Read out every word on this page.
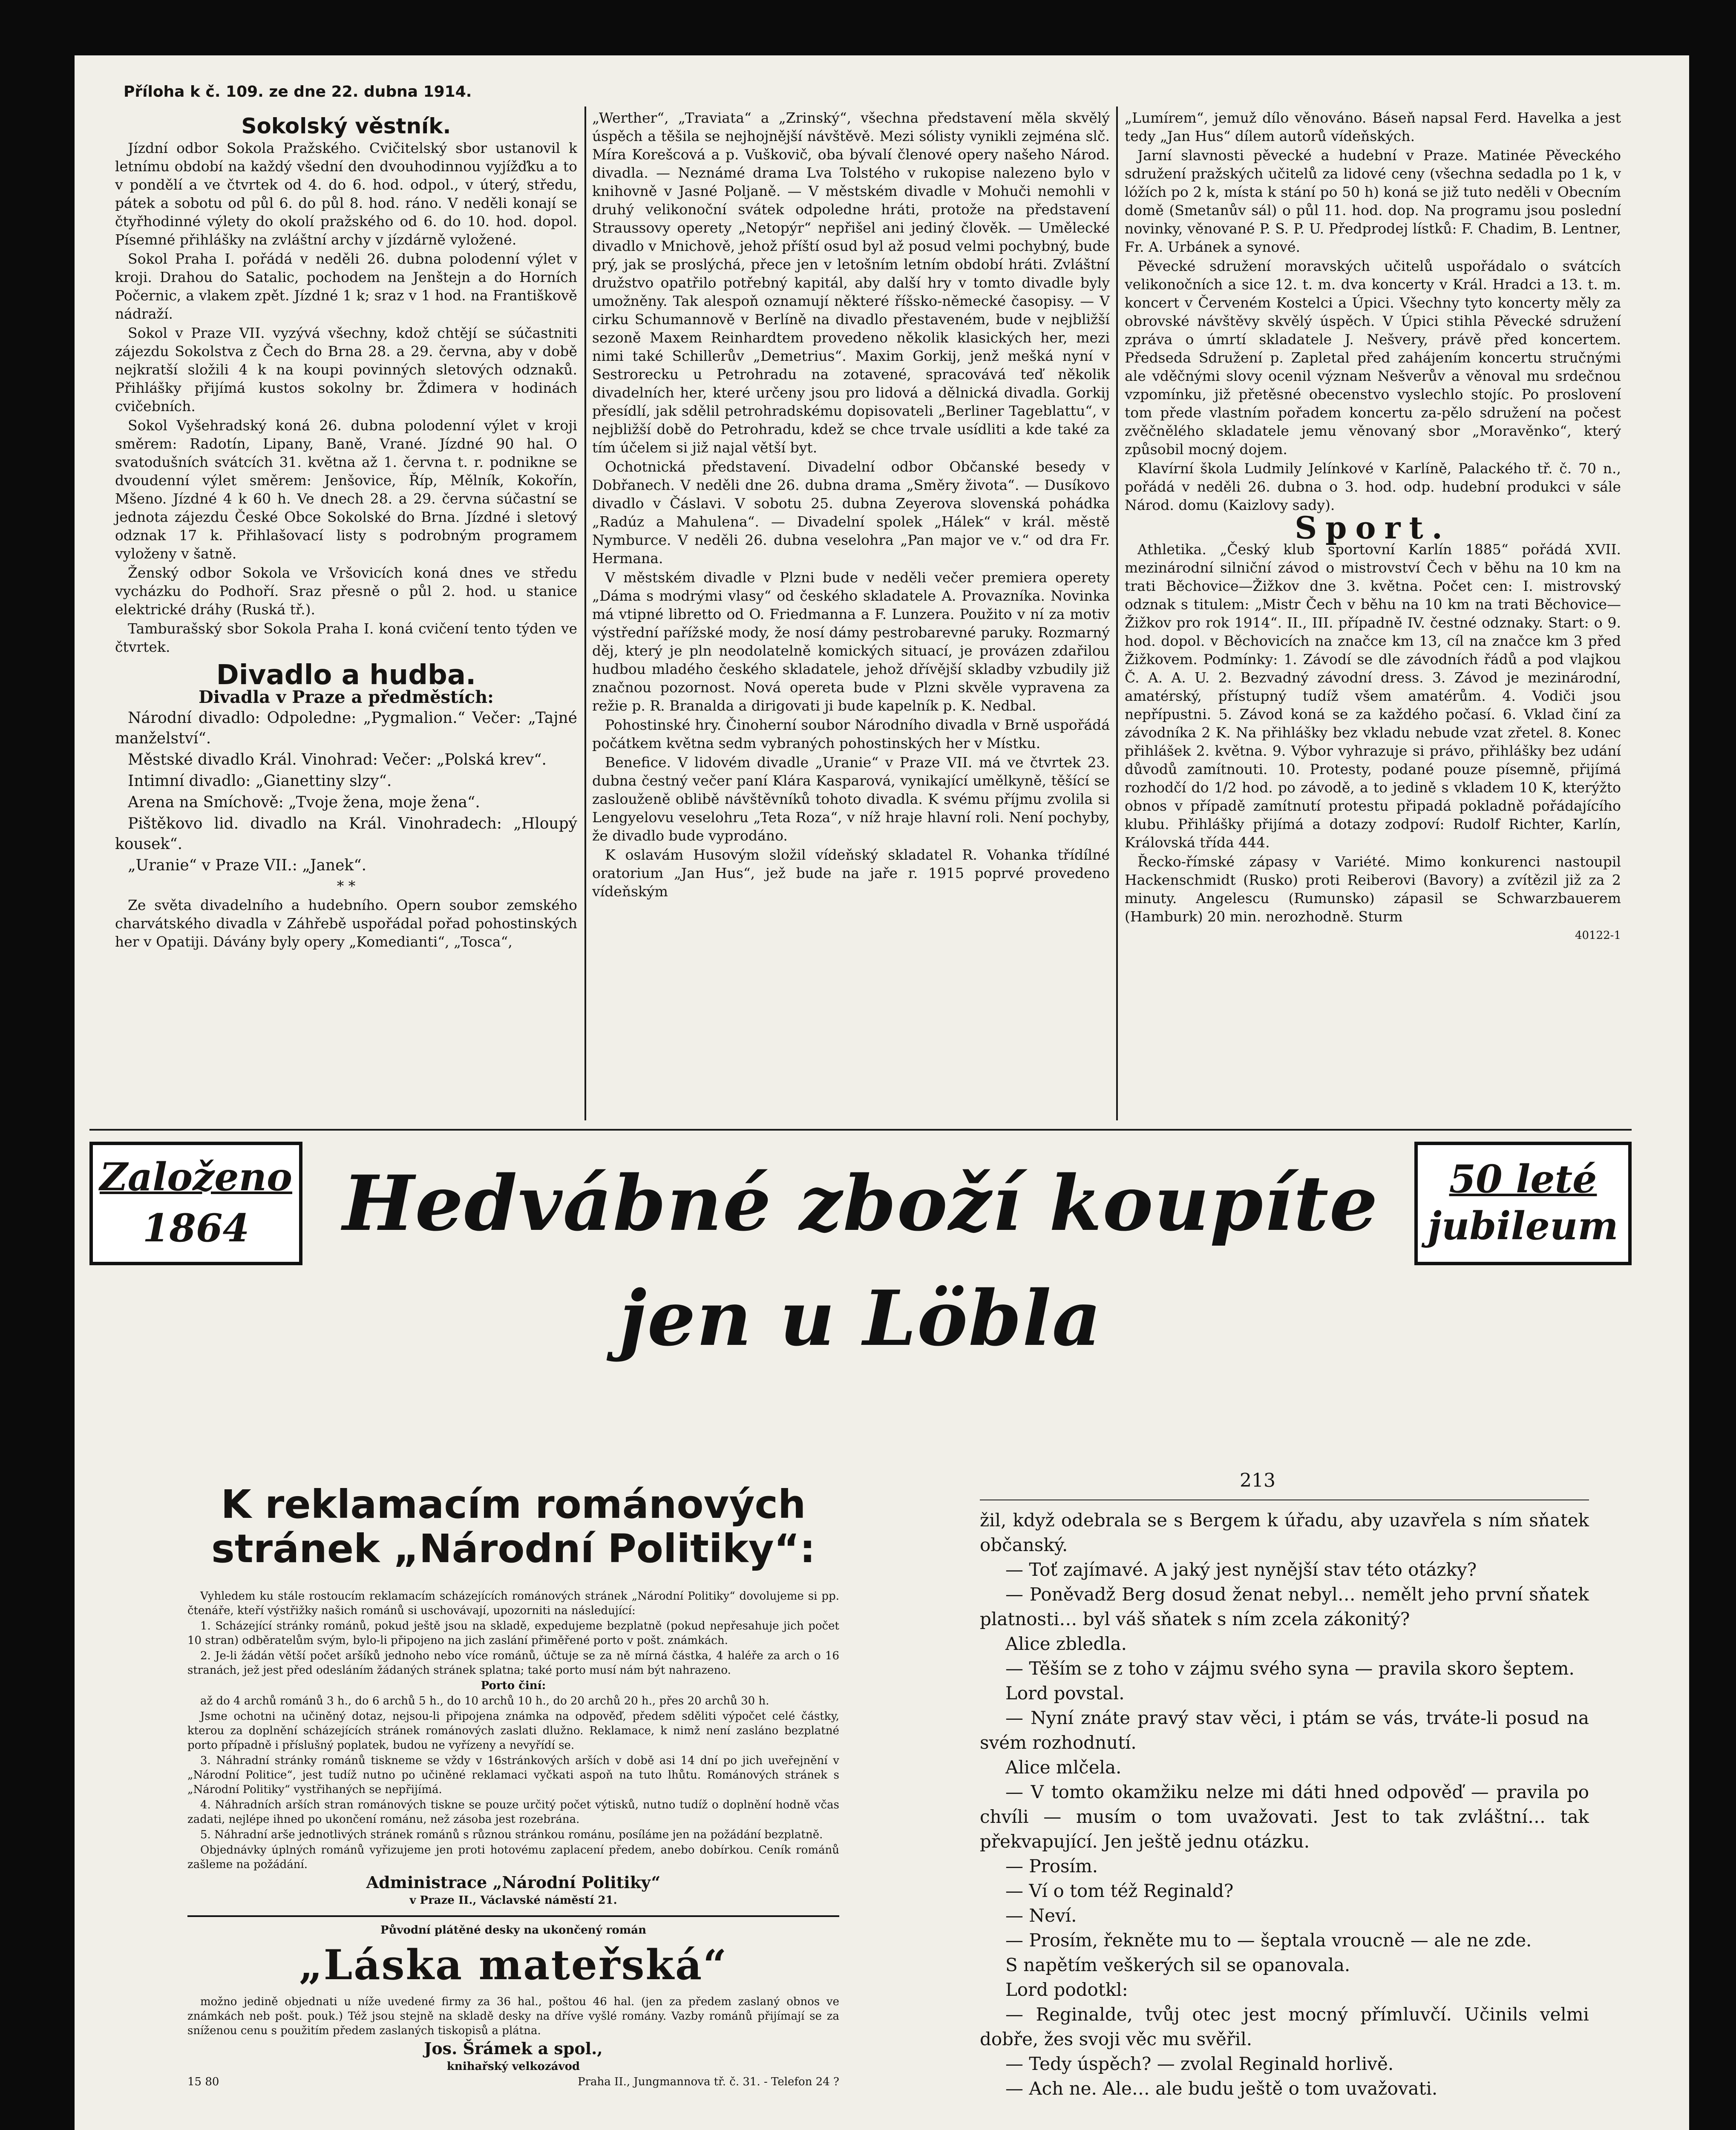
Příloha k č. 109. ze dne 22. dubna 1914.
Sokolský věstník.

Jízdní odbor Sokola Pražského. Cvičitelský sbor ustanovil k letnímu období na každý všední den dvouhodinnou vyjížďku a to v pondělí a ve čtvrtek od 4. do 6. hod. odpol., v úterý, středu, pátek a sobotu od půl 6. do půl 8. hod. ráno. V neděli konají se čtyřhodinné výlety do okolí pražského od 6. do 10. hod. dopol. Písemné přihlášky na zvláštní archy v jízdárně vyložené.

Sokol Praha I. pořádá v neděli 26. dubna polodenní výlet v kroji. Drahou do Satalic, pochodem na Jenštejn a do Horních Počernic, a vlakem zpět. Jízdné 1 k; sraz v 1 hod. na Františkově nádraží.

Sokol v Praze VII. vyzývá všechny, kdož chtějí se súčastniti zájezdu Sokolstva z Čech do Brna 28. a 29. června, aby v době nejkratší složili 4 k na koupi povinných sletových odznaků. Přihlášky přijímá kustos sokolny br. Ždimera v hodinách cvičebních.

Sokol Vyšehradský koná 26. dubna polodenní výlet v kroji směrem: Radotín, Lipany, Baně, Vrané. Jízdné 90 hal. O svatodušních svátcích 31. května až 1. června t. r. podnikne se dvoudenní výlet směrem: Jenšovice, Říp, Mělník, Kokořín, Mšeno. Jízdné 4 k 60 h. Ve dnech 28. a 29. června súčastní se jednota zájezdu České Obce Sokolské do Brna. Jízdné i sletový odznak 17 k. Přihlašovací listy s podrobným programem vyloženy v šatně.

Ženský odbor Sokola ve Vršovicích koná dnes ve středu vycházku do Podhoří. Sraz přesně o půl 2. hod. u stanice elektrické dráhy (Ruská tř.).

Tamburašský sbor Sokola Praha I. koná cvičení tento týden ve čtvrtek.

Divadlo a hudba.
Divadla v Praze a předměstích:

Národní divadlo: Odpoledne: „Pygmalion.“ Večer: „Tajné manželství“.

Městské divadlo Král. Vinohrad: Večer: „Polská krev“.

Intimní divadlo: „Gianettiny slzy“.

Arena na Smíchově: „Tvoje žena, moje žena“.

Pištěkovo lid. divadlo na Král. Vinohradech: „Hloupý kousek“.

„Uranie“ v Praze VII.: „Janek“.

* *

Ze světa divadelního a hudebního. Opern soubor zemského charvátského divadla v Záhřebě uspořádal pořad pohostinských her v Opatiji. Dávány byly opery „Komedianti“, „Tosca“,

„Werther“, „Traviata“ a „Zrinský“, všechna představení měla skvělý úspěch a těšila se nejhojnější návštěvě. Mezi sólisty vynikli zejména slč. Míra Korešcová a p. Vuškovič, oba bývalí členové opery našeho Národ. divadla. — Neznámé drama Lva Tolstého v rukopise nalezeno bylo v knihovně v Jasné Poljaně. — V městském divadle v Mohuči nemohli v druhý velikonoční svátek odpoledne hráti, protože na představení Straussovy operety „Netopýr“ nepřišel ani jediný člověk. — Umělecké divadlo v Mnichově, jehož příští osud byl až posud velmi pochybný, bude prý, jak se proslýchá, přece jen v letošním letním období hráti. Zvláštní družstvo opatřilo potřebný kapitál, aby další hry v tomto divadle byly umožněny. Tak alespoň oznamují některé říšsko-německé časopisy. — V cirku Schumannově v Berlíně na divadlo přestaveném, bude v nejbližší sezoně Maxem Reinhardtem provedeno několik klasických her, mezi nimi také Schillerův „Demetrius“. Maxim Gorkij, jenž mešká nyní v Sestrorecku u Petrohradu na zotavené, spracovává teď několik divadelních her, které určeny jsou pro lidová a dělnická divadla. Gorkij přesídlí, jak sdělil petrohradskému dopisovateli „Berliner Tageblattu“, v nejbližší době do Petrohradu, kdež se chce trvale usídliti a kde také za tím účelem si již najal větší byt.

Ochotnická představení. Divadelní odbor Občanské besedy v Dobřanech. V neděli dne 26. dubna drama „Směry života“. — Dusíkovo divadlo v Čáslavi. V sobotu 25. dubna Zeyerova slovenská pohádka „Radúz a Mahulena“. — Divadelní spolek „Hálek“ v král. městě Nymburce. V neděli 26. dubna veselohra „Pan major ve v.“ od dra Fr. Hermana.

V městském divadle v Plzni bude v neděli večer premiera operety „Dáma s modrými vlasy“ od českého skladatele A. Provazníka. Novinka má vtipné libretto od O. Friedmanna a F. Lunzera. Použito v ní za motiv výstřední pařížské mody, že nosí dámy pestrobarevné paruky. Rozmarný děj, který je pln neodolatelně komických situací, je provázen zdařilou hudbou mladého českého skladatele, jehož dřívější skladby vzbudily již značnou pozornost. Nová opereta bude v Plzni skvěle vypravena za režie p. R. Branalda a dirigovati ji bude kapelník p. K. Nedbal.

Pohostinské hry. Činoherní soubor Národního divadla v Brně uspořádá počátkem května sedm vybraných pohostinských her v Místku.

Benefice. V lidovém divadle „Uranie“ v Praze VII. má ve čtvrtek 23. dubna čestný večer paní Klára Kasparová, vynikající umělkyně, těšící se zaslouženě oblibě návštěvníků tohoto divadla. K svému příjmu zvolila si Lengyelovu veselohru „Teta Roza“, v níž hraje hlavní roli. Není pochyby, že divadlo bude vyprodáno.

K oslavám Husovým složil vídeňský skladatel R. Vohanka třídílné oratorium „Jan Hus“, jež bude na jaře r. 1915 poprvé provedeno vídeňským

„Lumírem“, jemuž dílo věnováno. Báseň napsal Ferd. Havelka a jest tedy „Jan Hus“ dílem autorů vídeňských.

Jarní slavnosti pěvecké a hudební v Praze. Matinée Pěveckého sdružení pražských učitelů za lidové ceny (všechna sedadla po 1 k, v lóžích po 2 k, místa k stání po 50 h) koná se již tuto neděli v Obecním domě (Smetanův sál) o půl 11. hod. dop. Na programu jsou poslední novinky, věnované P. S. P. U. Předprodej lístků: F. Chadim, B. Lentner, Fr. A. Urbánek a synové.

Pěvecké sdružení moravských učitelů uspořádalo o svátcích velikonočních a sice 12. t. m. dva koncerty v Král. Hradci a 13. t. m. koncert v Červeném Kostelci a Úpici. Všechny tyto koncerty měly za obrovské návštěvy skvělý úspěch. V Úpici stihla Pěvecké sdružení zpráva o úmrtí skladatele J. Nešvery, právě před koncertem. Předseda Sdružení p. Zapletal před zahájením koncertu stručnými ale vděčnými slovy ocenil význam Nešverův a věnoval mu srdečnou vzpomínku, již přetěsné obecenstvo vyslechlo stojíc. Po proslovení tom přede vlastním pořadem koncertu za-pělo sdružení na počest zvěčnělého skladatele jemu věnovaný sbor „Moravěnko“, který způsobil mocný dojem.

Klavírní škola Ludmily Jelínkové v Karlíně, Palackého tř. č. 70 n., pořádá v neděli 26. dubna o 3. hod. odp. hudební produkci v sále Národ. domu (Kaizlovy sady).

Sport.

Athletika. „Český klub sportovní Karlín 1885“ pořádá XVII. mezinárodní silniční závod o mistrovství Čech v běhu na 10 km na trati Běchovice—Žižkov dne 3. května. Počet cen: I. mistrovský odznak s titulem: „Mistr Čech v běhu na 10 km na trati Běchovice—Žižkov pro rok 1914“. II., III. případně IV. čestné odznaky. Start: o 9. hod. dopol. v Běchovicích na značce km 13, cíl na značce km 3 před Žižkovem. Podmínky: 1. Závodí se dle závodních řádů a pod vlajkou Č. A. A. U. 2. Bezvadný závodní dress. 3. Závod je mezinárodní, amatérský, přístupný tudíž všem amatérům. 4. Vodiči jsou nepřípustni. 5. Závod koná se za každého počasí. 6. Vklad činí za závodníka 2 K. Na přihlášky bez vkladu nebude vzat zřetel. 8. Konec přihlášek 2. května. 9. Výbor vyhrazuje si právo, přihlášky bez udání důvodů zamítnouti. 10. Protesty, podané pouze písemně, přijímá rozhodčí do 1/2 hod. po závodě, a to jedině s vkladem 10 K, kterýžto obnos v případě zamítnutí protestu připadá pokladně pořádajícího klubu. Přihlášky přijímá a dotazy zodpoví: Rudolf Richter, Karlín, Královská třída 444.

Řecko-římské zápasy v Variété. Mimo konkurenci nastoupil Hackenschmidt (Rusko) proti Reiberovi (Bavory) a zvítězil již za 2 minuty. Angelescu (Rumunsko) zápasil se Schwarzbauerem (Hamburk) 20 min. nerozhodně. Sturm

40122-1

Založeno
1864	Hedvábné zboží koupíte jen u Löbla
50 leté
jubileum
K reklamacím románových
stránek „Národní Politiky“:

Vyhledem ku stále rostoucím reklamacím scházejících románových stránek „Národní Politiky“ dovolujeme si pp. čtenáře, kteří výstřižky našich románů si uschovávají, upozorniti na následující:

1. Scházející stránky románů, pokud ještě jsou na skladě, expedujeme bezplatně (pokud nepřesahuje jich počet 10 stran) odběratelům svým, bylo-li připojeno na jich zaslání přiměřené porto v pošt. známkách.

2. Je-li žádán větší počet aršíků jednoho nebo více románů, účtuje se za ně mírná částka, 4 haléře za arch o 16 stranách, jež jest před odesláním žádaných stránek splatna; také porto musí nám být nahrazeno.

Porto činí:

až do 4 archů románů 3 h., do 6 archů 5 h., do 10 archů 10 h., do 20 archů 20 h., přes 20 archů 30 h.

Jsme ochotni na učiněný dotaz, nejsou-li připojena známka na odpověď, předem sděliti výpočet celé částky, kterou za doplnění scházejících stránek románových zaslati dlužno. Reklamace, k nimž není zasláno bezplatné porto případně i příslušný poplatek, budou ne vyřízeny a nevyřídí se.

3. Náhradní stránky románů tiskneme se vždy v 16stránkových arších v době asi 14 dní po jich uveřejnění v „Národní Politice“, jest tudíž nutno po učiněné reklamaci vyčkati aspoň na tuto lhůtu. Románových stránek s „Národní Politiky“ vystřihaných se nepřijímá.

4. Náhradních arších stran románových tiskne se pouze určitý počet výtisků, nutno tudíž o doplnění hodně včas zadati, nejlépe ihned po ukončení románu, než zásoba jest rozebrána.

5. Náhradní arše jednotlivých stránek románů s různou stránkou románu, posíláme jen na požádání bezplatně.

Objednávky úplných románů vyřizujeme jen proti hotovému zaplacení předem, anebo dobírkou. Ceník románů zašleme na požádání.

Administrace „Národní Politiky“

v Praze II., Václavské náměstí 21.

Původní plátěné desky na ukončený román

„Láska mateřská“

možno jedině objednati u níže uvedené firmy za 36 hal., poštou 46 hal. (jen za předem zaslaný obnos ve známkách neb pošt. pouk.) Též jsou stejně na skladě desky na dříve vyšlé romány. Vazby románů přijímají se za sníženou cenu s použitím předem zaslaných tiskopisů a plátna.

Jos. Šrámek a spol.,

knihařský velkozávod

15 80	Praha II., Jungmannova tř. č. 31. - Telefon 24 ?
213

žil, když odebrala se s Bergem k úřadu, aby uzavřela s ním sňatek občanský.

— Toť zajímavé. A jaký jest nynější stav této otázky?

— Poněvadž Berg dosud ženat nebyl… nemělt jeho první sňatek platnosti… byl váš sňatek s ním zcela zákonitý?

Alice zbledla.

— Těším se z toho v zájmu svého syna — pravila skoro šeptem.

Lord povstal.

— Nyní znáte pravý stav věci, i ptám se vás, trváte-li posud na svém rozhodnutí.

Alice mlčela.

— V tomto okamžiku nelze mi dáti hned odpověď — pravila po chvíli — musím o tom uvažovati. Jest to tak zvláštní… tak překvapující. Jen ještě jednu otázku.

— Prosím.

— Ví o tom též Reginald?

— Neví.

— Prosím, řekněte mu to — šeptala vroucně — ale ne zde.

S napětím veškerých sil se opanovala.

Lord podotkl:

— Reginalde, tvůj otec jest mocný přímluvčí. Učinils velmi dobře, žes svoji věc mu svěřil.

— Tedy úspěch? — zvolal Reginald horlivě.

— Ach ne. Ale… ale budu ještě o tom uvažovati.
